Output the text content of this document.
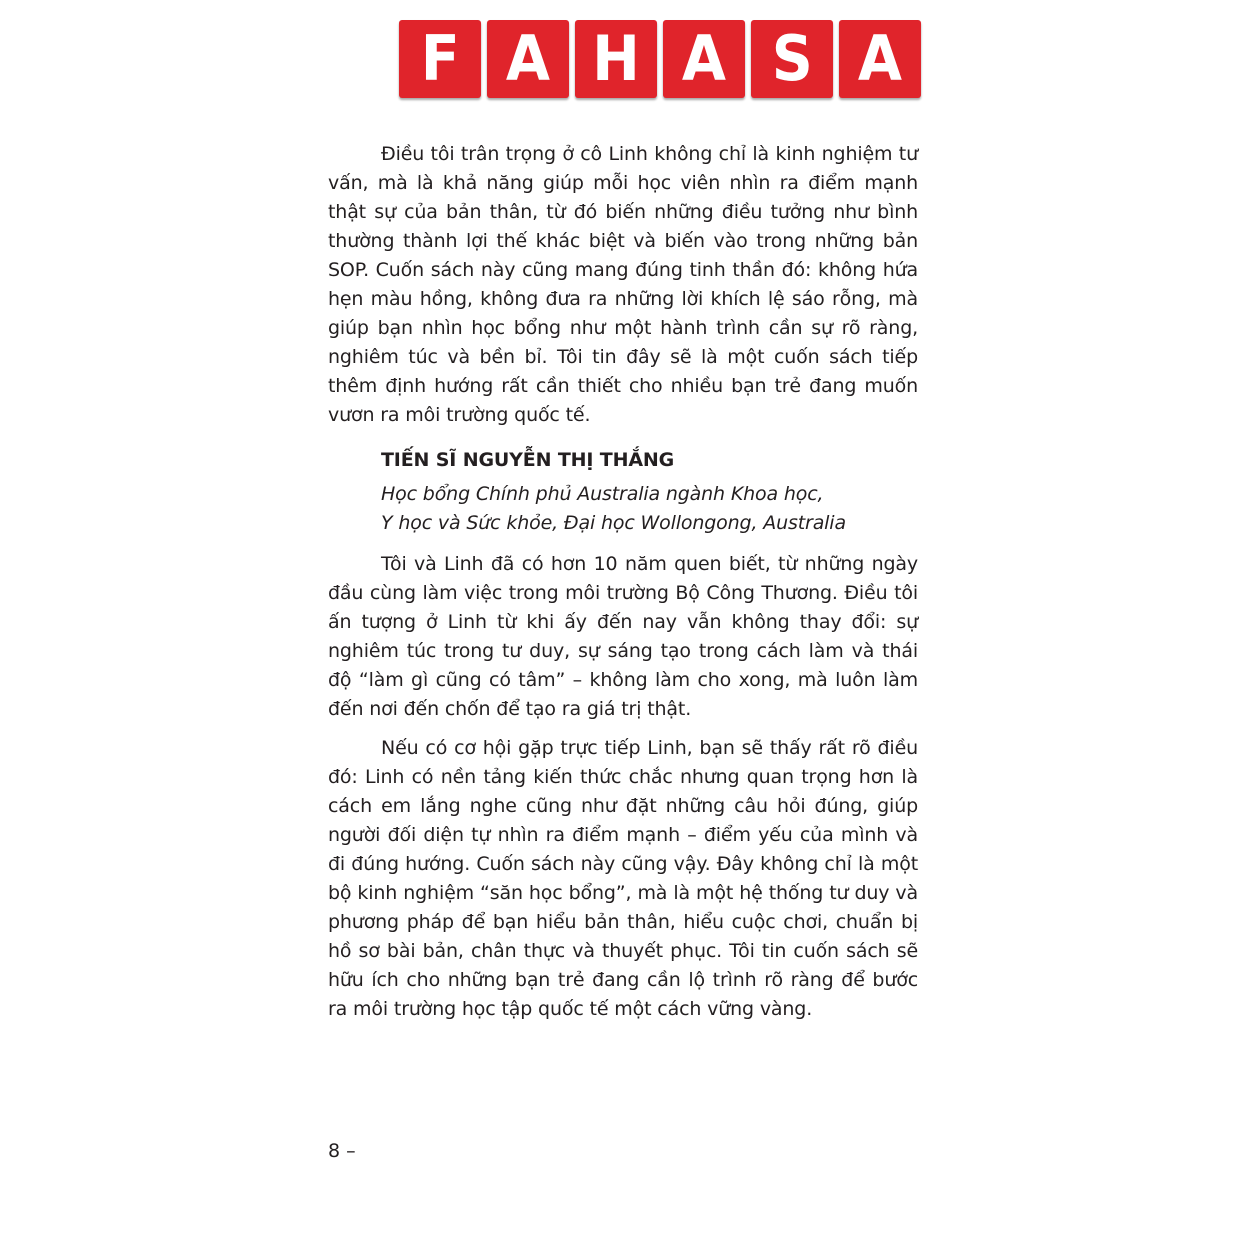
F A H A S A

Điều tôi trân trọng ở cô Linh không chỉ là kinh nghiệm tư vấn, mà là khả năng giúp mỗi học viên nhìn ra điểm mạnh thật sự của bản thân, từ đó biến những điều tưởng như bình thường thành lợi thế khác biệt và biến vào trong những bản SOP. Cuốn sách này cũng mang đúng tinh thần đó: không hứa hẹn màu hồng, không đưa ra những lời khích lệ sáo rỗng, mà giúp bạn nhìn học bổng như một hành trình cần sự rõ ràng, nghiêm túc và bền bỉ. Tôi tin đây sẽ là một cuốn sách tiếp thêm định hướng rất cần thiết cho nhiều bạn trẻ đang muốn vươn ra môi trường quốc tế.

TIẾN SĨ NGUYỄN THỊ THẮNG

Học bổng Chính phủ Australia ngành Khoa học,
Y học và Sức khỏe, Đại học Wollongong, Australia

Tôi và Linh đã có hơn 10 năm quen biết, từ những ngày đầu cùng làm việc trong môi trường Bộ Công Thương. Điều tôi ấn tượng ở Linh từ khi ấy đến nay vẫn không thay đổi: sự nghiêm túc trong tư duy, sự sáng tạo trong cách làm và thái độ “làm gì cũng có tâm” – không làm cho xong, mà luôn làm đến nơi đến chốn để tạo ra giá trị thật.

Nếu có cơ hội gặp trực tiếp Linh, bạn sẽ thấy rất rõ điều đó: Linh có nền tảng kiến thức chắc nhưng quan trọng hơn là cách em lắng nghe cũng như đặt những câu hỏi đúng, giúp người đối diện tự nhìn ra điểm mạnh – điểm yếu của mình và đi đúng hướng. Cuốn sách này cũng vậy. Đây không chỉ là một bộ kinh nghiệm “săn học bổng”, mà là một hệ thống tư duy và phương pháp để bạn hiểu bản thân, hiểu cuộc chơi, chuẩn bị hồ sơ bài bản, chân thực và thuyết phục. Tôi tin cuốn sách sẽ hữu ích cho những bạn trẻ đang cần lộ trình rõ ràng để bước ra môi trường học tập quốc tế một cách vững vàng.

8 –
